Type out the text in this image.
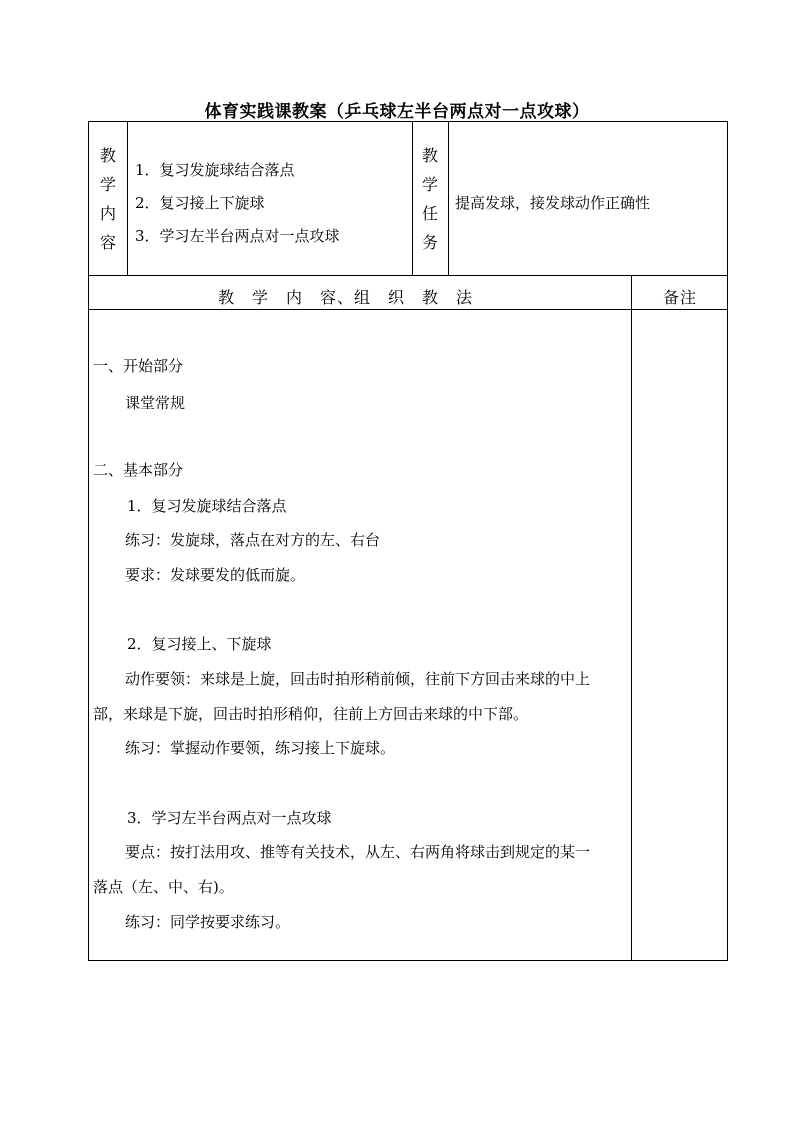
体育实践课教案（乒乓球左半台两点对一点攻球）
教
学
内
容
1．复习发旋球结合落点
2．复习接上下旋球
3．学习左半台两点对一点攻球
教
学
任
务
提高发球，接发球动作正确性
教　学　内　容、组　织　教　法	备注
一、开始部分
课堂常规
二、基本部分
1．复习发旋球结合落点
练习：发旋球，落点在对方的左、右台
要求：发球要发的低而旋。
2．复习接上、下旋球
动作要领：来球是上旋，回击时拍形稍前倾，往前下方回击来球的中上
部，来球是下旋，回击时拍形稍仰，往前上方回击来球的中下部。
练习：掌握动作要领，练习接上下旋球。
3．学习左半台两点对一点攻球
要点：按打法用攻、推等有关技术，从左、右两角将球击到规定的某一
落点（左、中、右)。
练习：同学按要求练习。
